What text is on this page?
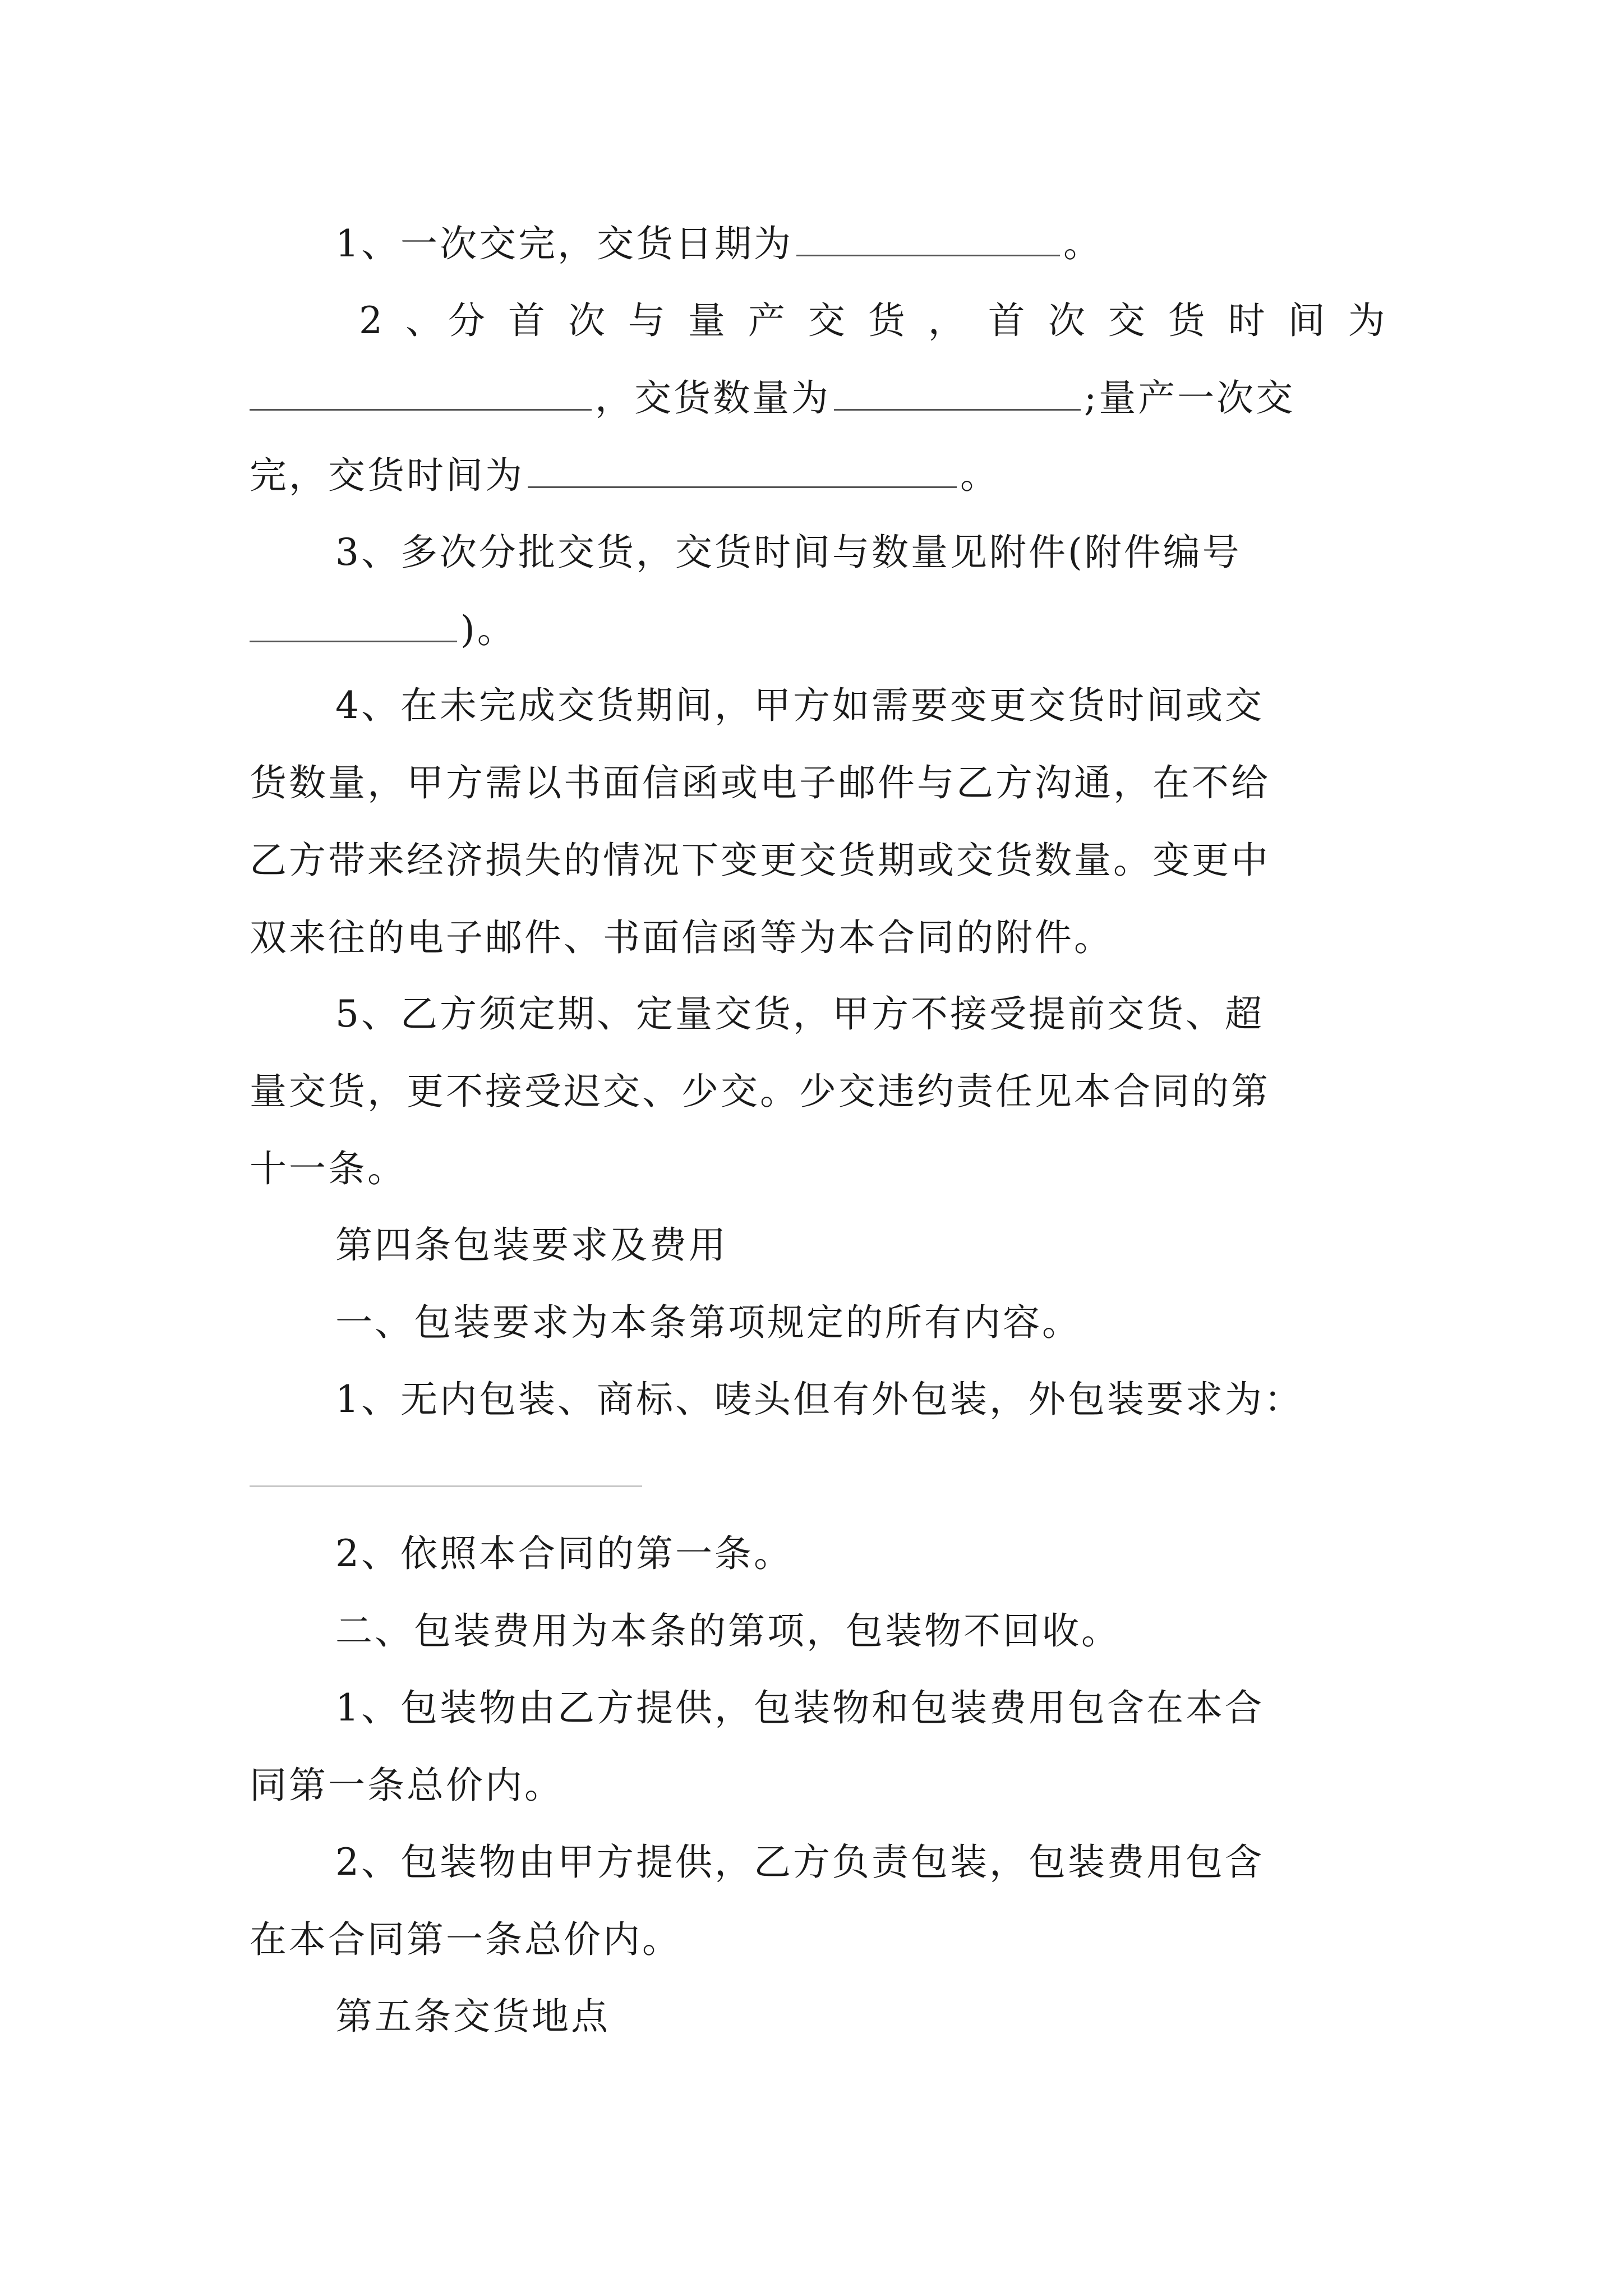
1、一次交完，交货日期为	。
2 、分 首 次 与 量 产 交 货 ， 首 次 交 货 时 间 为
，交货数量为	;量产一次交
完，交货时间为	。
3、多次分批交货，交货时间与数量见附件(附件编号
)。
4、在未完成交货期间，甲方如需要变更交货时间或交
货数量，甲方需以书面信函或电子邮件与乙方沟通，在不给
乙方带来经济损失的情况下变更交货期或交货数量。变更中
双来往的电子邮件、书面信函等为本合同的附件。
5、乙方须定期、定量交货，甲方不接受提前交货、超
量交货，更不接受迟交、少交。少交违约责任见本合同的第
十一条。
第四条包装要求及费用
一、包装要求为本条第项规定的所有内容。
1、无内包装、商标、唛头但有外包装，外包装要求为：
2、依照本合同的第一条。
二、包装费用为本条的第项，包装物不回收。
1、包装物由乙方提供，包装物和包装费用包含在本合
同第一条总价内。
2、包装物由甲方提供，乙方负责包装，包装费用包含
在本合同第一条总价内。
第五条交货地点
